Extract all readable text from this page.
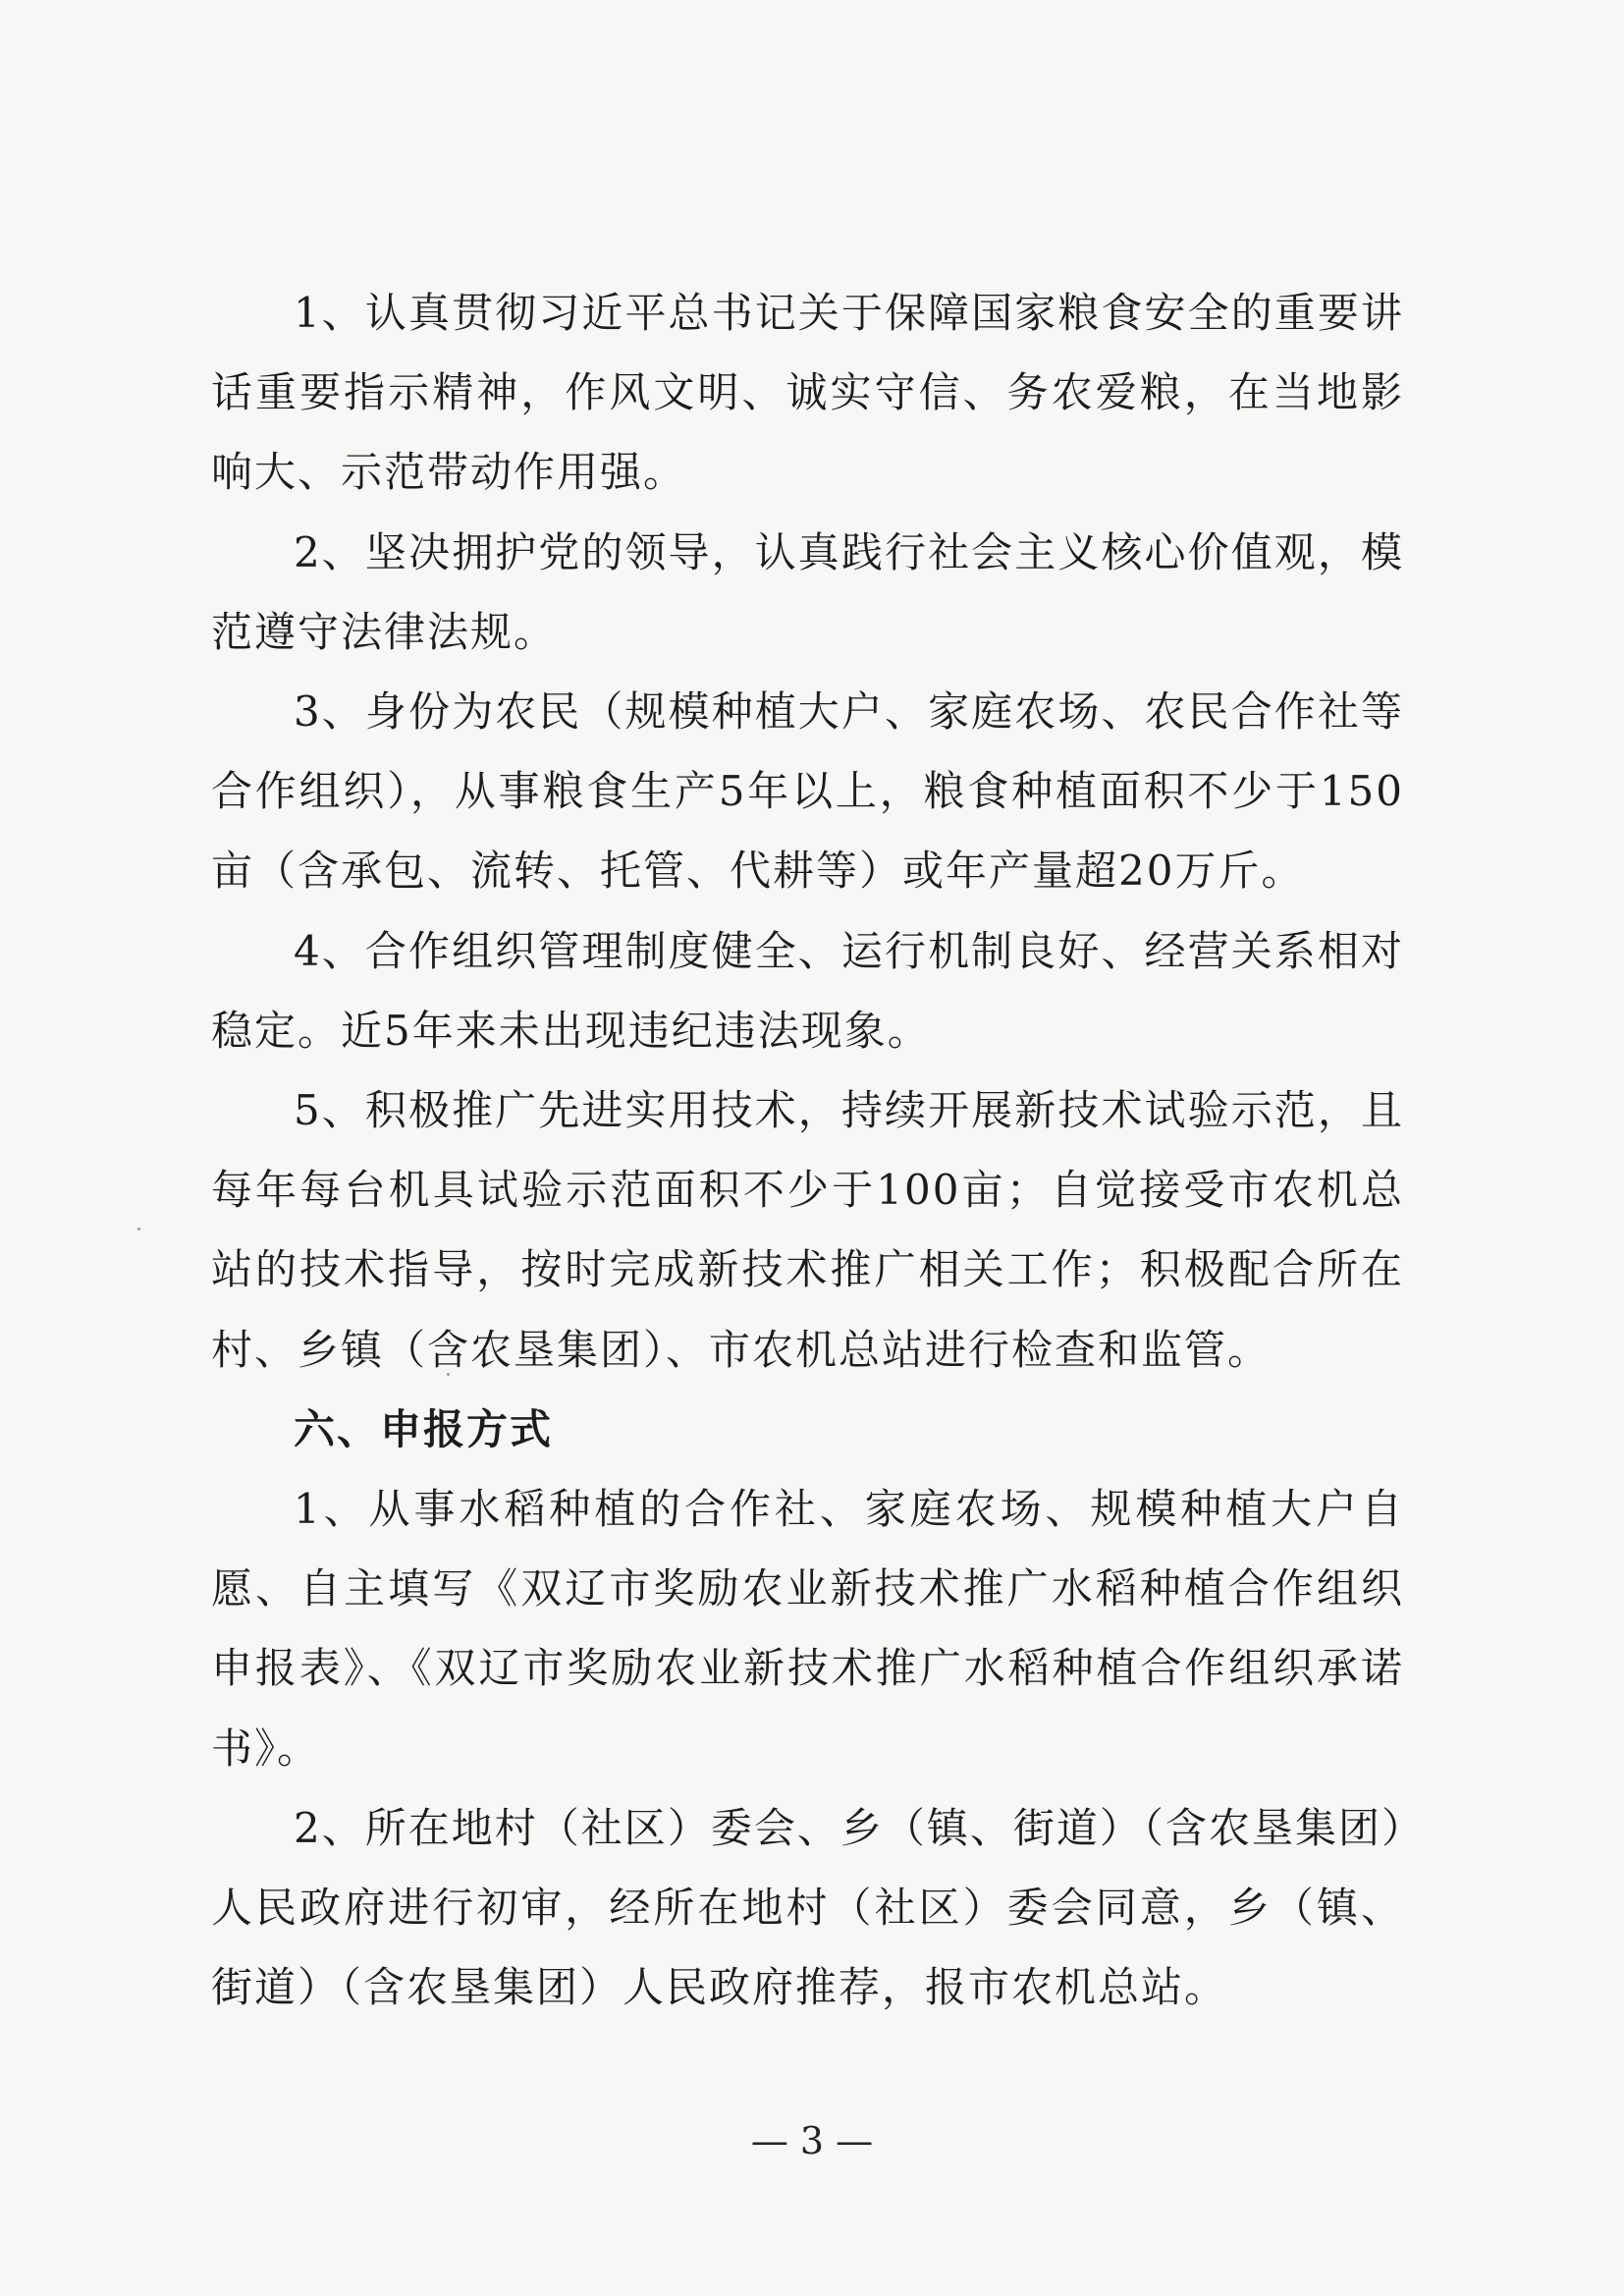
1、认真贯彻习近平总书记关于保障国家粮食安全的重要讲话重要指示精神，作风文明、诚实守信、务农爱粮，在当地影响大、示范带动作用强。

2、坚决拥护党的领导，认真践行社会主义核心价值观，模范遵守法律法规。

3、身份为农民（规模种植大户、家庭农场、农民合作社等合作组织），从事粮食生产5年以上，粮食种植面积不少于150亩（含承包、流转、托管、代耕等）或年产量超20万斤。

4、合作组织管理制度健全、运行机制良好、经营关系相对稳定。近5年来未出现违纪违法现象。

5、积极推广先进实用技术，持续开展新技术试验示范，且每年每台机具试验示范面积不少于100亩；自觉接受市农机总站的技术指导，按时完成新技术推广相关工作；积极配合所在村、乡镇（含农垦集团）、市农机总站进行检查和监管。

六、申报方式

1、从事水稻种植的合作社、家庭农场、规模种植大户自愿、自主填写《双辽市奖励农业新技术推广水稻种植合作组织申报表》、《双辽市奖励农业新技术推广水稻种植合作组织承诺书》。

2、所在地村（社区）委会、乡（镇、街道）（含农垦集团）人民政府进行初审，经所在地村（社区）委会同意，乡（镇、街道）（含农垦集团）人民政府推荐，报市农机总站。

— 3 —
